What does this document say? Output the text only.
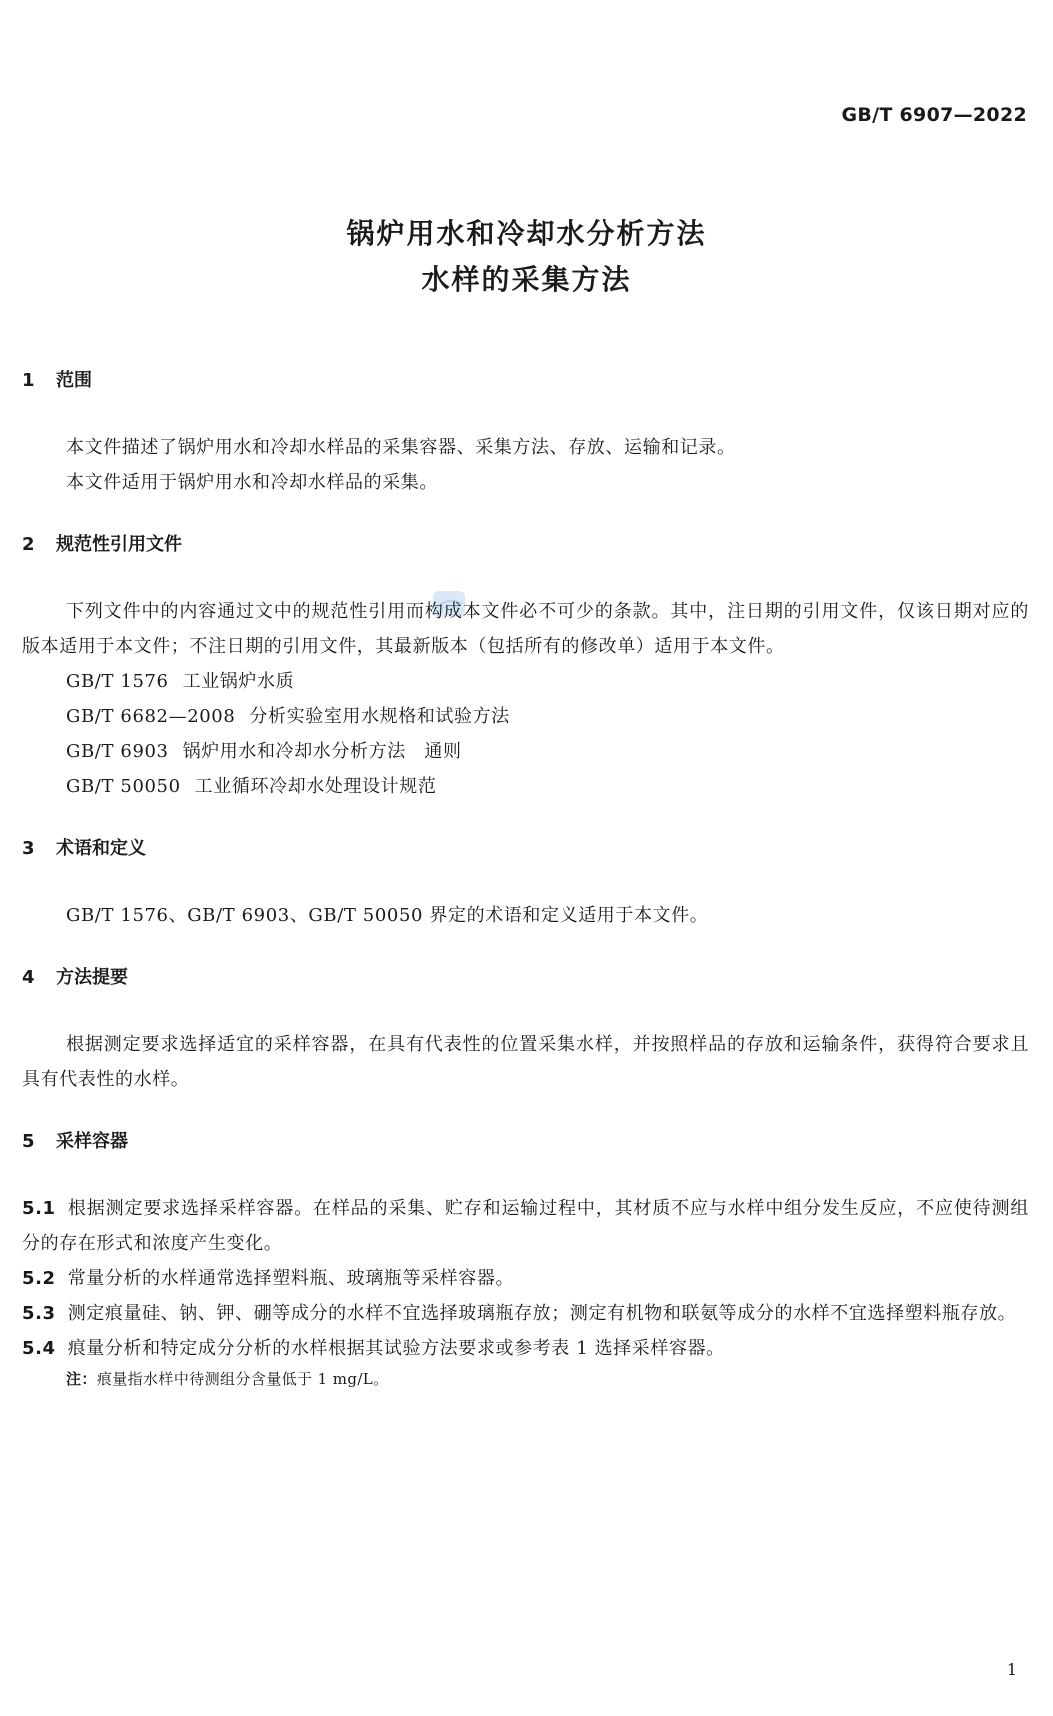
GB/T 6907—2022
锅炉用水和冷却水分析方法
水样的采集方法
1 范围
本文件描述了锅炉用水和冷却水样品的采集容器、采集方法、存放、运输和记录。
本文件适用于锅炉用水和冷却水样品的采集。
2 规范性引用文件
下列文件中的内容通过文中的规范性引用而构成本文件必不可少的条款。其中，注日期的引用文件，仅该日期对应的版本适用于本文件；不注日期的引用文件，其最新版本（包括所有的修改单）适用于本文件。
GB/T 1576 工业锅炉水质
GB/T 6682—2008 分析实验室用水规格和试验方法
GB/T 6903 锅炉用水和冷却水分析方法　通则
GB/T 50050 工业循环冷却水处理设计规范
3 术语和定义
GB/T 1576、GB/T 6903、GB/T 50050 界定的术语和定义适用于本文件。
4 方法提要
根据测定要求选择适宜的采样容器，在具有代表性的位置采集水样，并按照样品的存放和运输条件，获得符合要求且具有代表性的水样。
5 采样容器
5.1 根据测定要求选择采样容器。在样品的采集、贮存和运输过程中，其材质不应与水样中组分发生反应，不应使待测组分的存在形式和浓度产生变化。
5.2 常量分析的水样通常选择塑料瓶、玻璃瓶等采样容器。
5.3 测定痕量硅、钠、钾、硼等成分的水样不宜选择玻璃瓶存放；测定有机物和联氨等成分的水样不宜选择塑料瓶存放。
5.4 痕量分析和特定成分分析的水样根据其试验方法要求或参考表 1 选择采样容器。
注：痕量指水样中待测组分含量低于 1 mg/L。
1
